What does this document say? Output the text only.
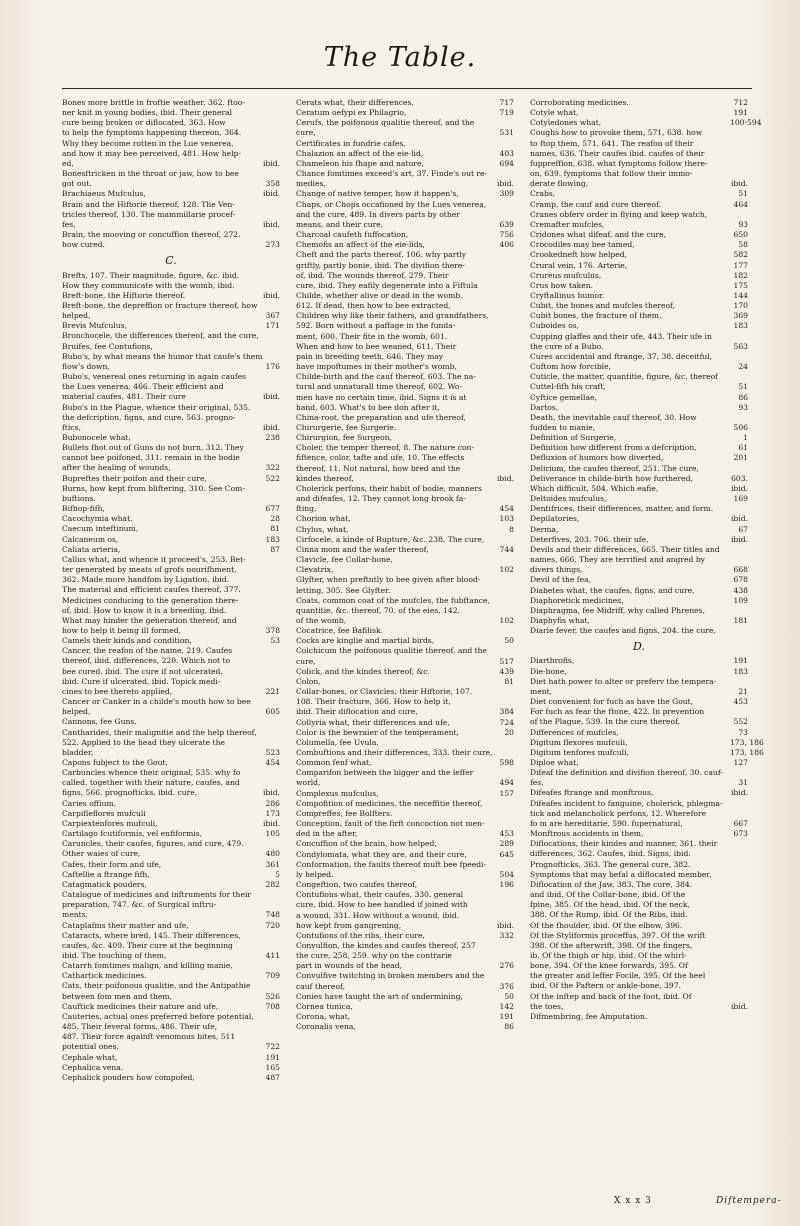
The Table.
Bones more brittle in froftie weather, 362. ftoo-
ner knit in young bodies, ibid. Their general
cure being broken or diflocated, 363. How
to help the fymptoms happening thereon, 364.
Why they become rotten in the Lue venerea,
and how it may bee perceived, 481. How help-
ed,	ibid.
Bonesftricken in the throat or jaw, how to bee
got out.	358
Brachiaeus Mufculus,	ibid.
Brain and the Hiftorie thereof, 128. The Ven-
tricles thereof, 130. The mammillarie procef-
fes,	ibid.
Brain, the mooving or concuffion thereof, 272.
how cured.	273
C.
Brefts, 107. Their magnitude, figure, &c. ibid.
How they communicate with the womb, ibid.
Breft-bone, the Hiftorie thereof.	ibid.
Breft-bone, the depreffion or fracture thereof, how
helped,	367
Brevis Mufculus,	171
Bronchocele, the differences thereof, and the cure,
Bruifes, fee Contufions,
Bubo's, by what means the humor that caufe's them
flow's down,	176
Bubo's, venereal ones returning in again caufes
the Lues venerea, 466. Their efficient and
material caufes, 481. Their cure	ibid.
Bubo's in the Plague, whence their original, 535.
the defcription, figns, and cure, 563. progno-
ftics,	ibid.
Bubonocele what,	238
Bullets fhot out of Guns do not burn, 312. They
cannot bee poifoned, 311. remain in the bodie
after the healing of wounds,	322
Bupreftes their poifon and their cure,	522
Burns, how kept from bliftering, 310. See Com-
buftions.
Bifhop-fifh,	677
Cacochymia what,	28
Caecum inteftinum,	81
Calcaneum os,	183
Caliata arteria,	87
Callus what, and whence it proceed's, 253. Bet-
ter generated by meats of grofs nourifhment,
362. Made more handfom by Ligation, ibid.
The material and efficient caufes thereof, 377.
Medicines conducing to the generation there-
of, ibid. How to know it is a breeding, ibid.
What may hinder the generation thereof, and
how to help it being ill formed,	378
Camels their kinds and condition,	53
Cancer, the reafon of the name, 219. Caufes
thereof, ibid. differences, 220. Which not to
bee cured, ibid. The cure if not ulcerated,
ibid. Cure if ulcerated, ibid. Topick medi-
cines to bee thereto applied,	221
Cancer or Canker in a childe's mouth how to bee
helped,	605
Cannons, fee Guns.
Cantharides, their malignitie and the help thereof,
522. Applied to the head they ulcerate the
bladder,	523
Capons fubject to the Gout,	454
Carbuncles whence their original, 535. why fo
called, together with their nature, caufes, and
figns, 566. prognofticks, ibid. cure,	ibid.
Caries offium,	286
Carpifleflores mufculi	173
Carpiextenfores mufculi,	ibid.
Cartilago fcutiformis, vel enfiformis,	105
Caruncles, their caufes, figures, and cure, 479.
Other waies of cure,	480
Cafes, their form and ufe,	361
Caftellie a ftrange fifh,	5
Catagmatick pouders,	282
Catalogue of medicines and inftruments for their
preparation, 747. &c. of Surgical inftru-
ments,	748
Cataplafms their matter and ufe,	720
Cataracts, where bred, 145. Their differences,
caufes, &c. 409. Their cure at the beginning
ibid. The touching of them,	411
Catarrh fomtimes malign, and killing manie,
Cathartick medicines.	709
Cats, their poifonous qualitie, and the Antipathie
between fom men and them,	526
Cauftick medicines their nature and ufe,	708
Cauteries, actual ones preferred before potential,
485. Their feveral forms, 486. Their ufe,
487. Their force againft venomous bites, 511
potential ones,	722
Cephale what,	191
Cephalica vena.	165
Cephalick pouders how compofed,	487
Cerats what, their differences,	717
Ceratum oefypi ex Philagrio,	719
Cerufs, the poifonous qualitie thereof, and the
cure,	531
Certificates in fundrie cafes,
Chalazion an affect of the eie-lid,	403
Chameleon his fhape and nature,	694
Chance fomtimes exceed's art, 37. Finde's out re-
medies,	ibid.
Change of native temper, how it happen's,	309
Chaps, or Chops occafioned by the Lues venerea,
and the cure, 489. In divers parts by other
means, and their cure,	639
Charcoal caufeth fuffocation,	756
Chemofis an affect of the eie-lids,	406
Cheft and the parts thereof, 106. why partly
griftly, partly bonie, ibid. The divifion there-
of, ibid. The wounds thereof, 279. Their
cure, ibid. They eafily degenerate into a Fiftula
Childe, whether alive or dead in the womb,
612. If dead, then how to bee extracted,
Children why like their fathers, and grandfathers,
592. Born without a paffage in the funda-
ment, 600. Their fite in the womb, 601.
When and how to bee weaned, 611. Their
pain in breeding teeth, 646. They may
have impoftumes in their mother's womb,
Childe-birth and the cauf thereof, 603. The na-
tural and unnaturall time thereof, 602. Wo-
men have no certain time, ibid. Signs it is at
hand, 603. What's to bee don after it,
China-root, the preparation and ufe thereof,
Chirurgerie, fee Surgerie.
Chirurgion, fee Surgeon,
Choler, the temper thereof, 8. The nature con-
fiftence, color, tafte and ufe, 10. The effects
thereof, 11. Not natural, how bred and the
kindes thereof,	ibid.
Cholerick perfons, their habit of bodie, manners
and difeafes, 12. They cannot long brook fa-
fting,	454
Chorion what,	103
Chylus, what,	8
Cirfocele, a kinde of Rupture, &c. 238. The cure,
Cinna mom and the water thereof,	744
Clavicle, fee Collar-bone,
Clevatrix,	102
Glyfter, when preftntly to bee given after blood-
letting, 305. See Glyfter.
Coats, common coat of the mufcles, the fubftance,
quantitie, &c. thereof, 70. of the eies, 142.
of the womb,	102
Cocatrice, fee Bafilisk.
Cocks are kinglie and martial birds,	50
Colchicum the poifonous qualitie thereof, and the
cure,	517
Colick, and the kindes thereof, &c.	439
Colon,	81
Collar-bones, or Clavicles, their Hiftorie, 107.
108. Their fracture, 366. How to help it,
ibid. Their diflocation and cure,	384
Collyria what, their differences and ufe,	724
Color is the bewraier of the temperament,	20
Columella, fee Uvula,
Combuftions and their differences, 333. their cure,
Common fenf what,	598
Comparifon between the bigger and the leffer
world,	494
Complexus mufculus,	157
Compofition of medicines, the neceffitie thereof,
Compreffes, fee Bolfters.
Conception, fault of the firft concoction not men-
ded in the after,	453
Concuffion of the brain, how helped,	289
Condylomata, what they are, and their cure,	645
Conformation, the faults thereof muft bee fpeedi-
ly helped.	504
Congeftion, two caufes thereof,	196
Contufions what, their caufes, 330. general
cure, ibid. How to bee handled if joined with
a wound, 331. How without a wound, ibid.
how kept from gangrening,	ibid.
Contufions of the ribs, their cure,	332
Convulfion, the kindes and caufes thereof, 257
the cure, 258, 259. why on the contrarie
part in wounds of the head,	276
Convulfive twitching in broken members and the
cauf thereof,	376
Conies have taught the art of undermining,	50
Cornea tunica,	142
Corona, what,	191
Coronalis vena,	86
Corroborating medicines.	712
Cotyle what,	191
Cotyledones what,	100-594
Coughs how to provoke them, 571, 638. how
to ftop them, 571, 641. The reafon of their
names, 636. Their caufes ibid. caufes of their
fuppreffion, 638. what fymptoms follow there-
on, 639. fymptoms that follow their immo-
derate flowing,	ibid.
Crabs,	51
Cramp, the cauf and cure thereof.	464
Cranes obferv order in flying and keep watch,
Cremafter mufcles,	93
Cridones what difeaf, and the cure,	650
Crocodiles may bee tamed,	58
Crookedneft how helped,	582
Crural vein, 176. Arterie,	177
Crureus mufculus,	182
Crus how taken.	175
Cryftallinus humor.	144
Cubit, the bones and mufcles thereof,	170
Cubit bones, the fracture of them,	369
Cuboides os,	183
Cupping glaffes and their ufe, 443. Their ufe in
the cure of a Bubo.	563
Cures accidental and ftrange, 37, 38. deceitful,
Cuftom how forcible,	24
Cuticle, the matter, quantitie, figure, &c. thereof
Cuttel-fifh his craft,	51
Cyftice gemellae,	86
Dartos,	93
Death, the inevitable cauf thereof, 30. How
fudden to manie,	506
Definition of Surgerie,	1
Definition how different from a defcription,	61
Defluxion of humors how diverted,	201
Delirium, the caufes thereof, 251. The cure,
Deliverance in childe-birth how furthered,	603.
Which difficult, 504. Which eafie,	ibid.
Deltoides mufculus,	169
Dentifrices, their differences, matter, and form.
Depilatories,	ibid.
Derma,	67
Deterfives, 203. 706. their ufe,	ibid.
Devils and their differences, 665. Their titles and
names, 666. They are terrified and angred by
divers things,	668
Devil of the fea,	678
Diabetes what, the caufes, figns, and cure,	438
Diaphoretick medicines,	109
Diaphragma, fee Midriff, why called Phrenes,
Diaphyfis what,	181
Diarie fever, the caufes and figns, 204. the cure,
D.
Diarthrofis,	191
Die-bone,	183
Diet hath power to alter or preferv the tempera-
ment,	21
Diet convenient for fuch as have the Gout,	453
For fuch as fear the ftone, 422. In prevention
of the Plague, 539. In the cure thereof,	552
Differences of mufcles,	73
Digitum flexores mufculi,	173, 186
Digitum tenfores mufculi,	173, 186
Diploe what,	127
Difeaf the definition and divifion thereof, 30. cauf-
fes,	31
Difeafes ftrange and monftrous,	ibid.
Difeafes incident to fanguine, cholerick, phlegma-
tick and melancholick perfons, 12. Wherefore
fo m are hereditarie, 590. fupernatural,	667
Monftrous accidents in them,	673
Diflocations, their kindes and manner, 361. their
differences, 362. Caufes, ibid. Signs, ibid.
Prognofticks, 363. The general cure, 382.
Symptoms that may befal a diflocated member,
Diflocation of the Jaw, 383. The cure, 384.
and ibid. Of the Collar-bone, ibid. Of the
fpine, 385. Of the head, ibid. Of the neck,
388. Of the Rump, ibid. Of the Ribs, ibid.
Of the fhoulder, ibid. Of the elbow, 396.
Of the Styliformis proceffus, 397. Of the wrift
398. Of the afterwrift, 398. Of the fingers,
ib. Of the thigh or hip, ibid. Of the whirl-
bone, 394. Of the knee forwards, 395. Of
the greater and leffer Focile, 395. Of the heel
ibid. Of the Paftern or ankle-bone, 397.
Of the inftep and back of the foot, ibid. Of
the toes,	ibid.
Difmembring, fee Amputation.
X x x 3	Diftempera-
